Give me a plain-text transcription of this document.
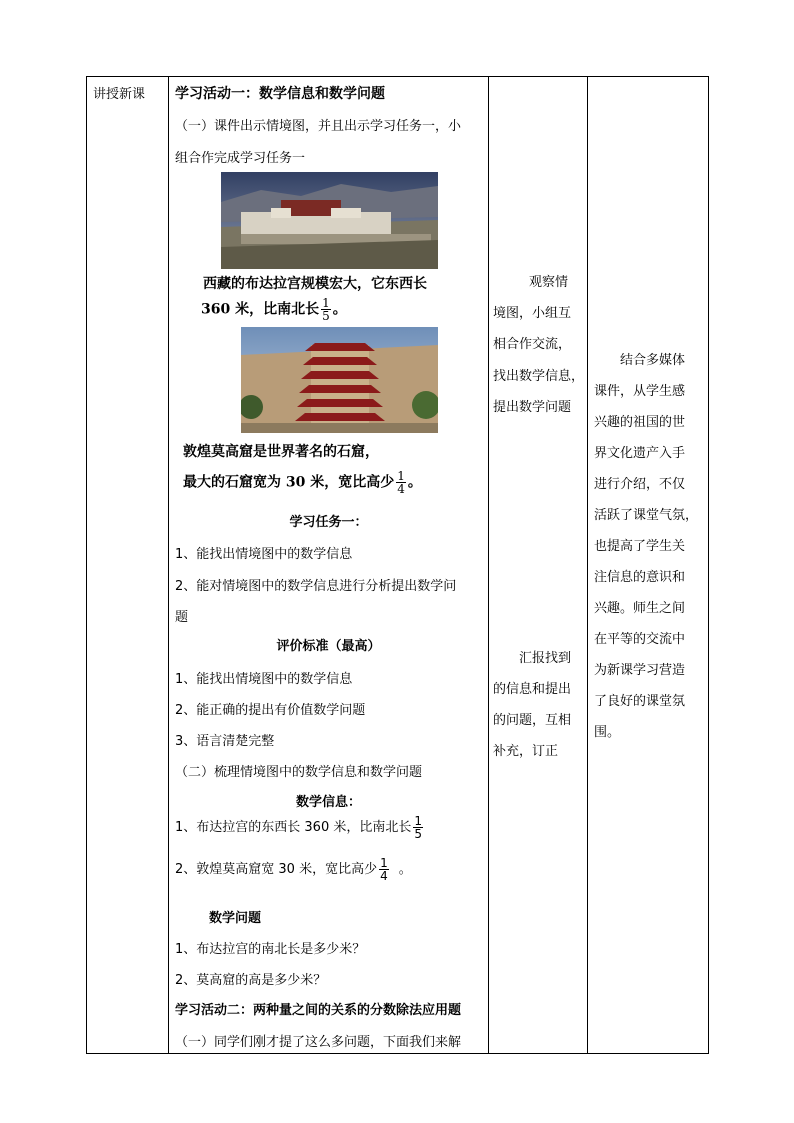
讲授新课	学习活动一：数学信息和数学问题
（一）课件出示情境图，并且出示学习任务一，小
组合作完成学习任务一
西藏的布达拉宫规模宏大，它东西长
360 米，比南北长 $\frac{1}{5}$ 。
敦煌莫高窟是世界著名的石窟，
最大的石窟宽为 30 米，宽比高少 $\frac{1}{4}$ 。
学习任务一：
1、能找出情境图中的数学信息
2、能对情境图中的数学信息进行分析提出数学问
题
评价标准（最高）
1、能找出情境图中的数学信息
2、能正确的提出有价值数学问题
3、语言清楚完整
（二）梳理情境图中的数学信息和数学问题
数学信息：
1、布达拉宫的东西长 360 米，比南北长 $\frac{1}{5}$
2、敦煌莫高窟宽 30 米，宽比高少 $\frac{1}{4}$ 。
数学问题
1、布达拉宫的南北长是多少米？
2、莫高窟的高是多少米？
学习活动二：两种量之间的关系的分数除法应用题
（一）同学们刚才提了这么多问题，下面我们来解

观察情
境图，小组互
相合作交流，
找出数学信息，
提出数学问题
汇报找到
的信息和提出
的问题，互相
补充，订正

结合多媒体
课件，从学生感
兴趣的祖国的世
界文化遗产入手
进行介绍，不仅
活跃了课堂气氛，
也提高了学生关
注信息的意识和
兴趣。师生之间
在平等的交流中
为新课学习营造
了良好的课堂氛
围。
